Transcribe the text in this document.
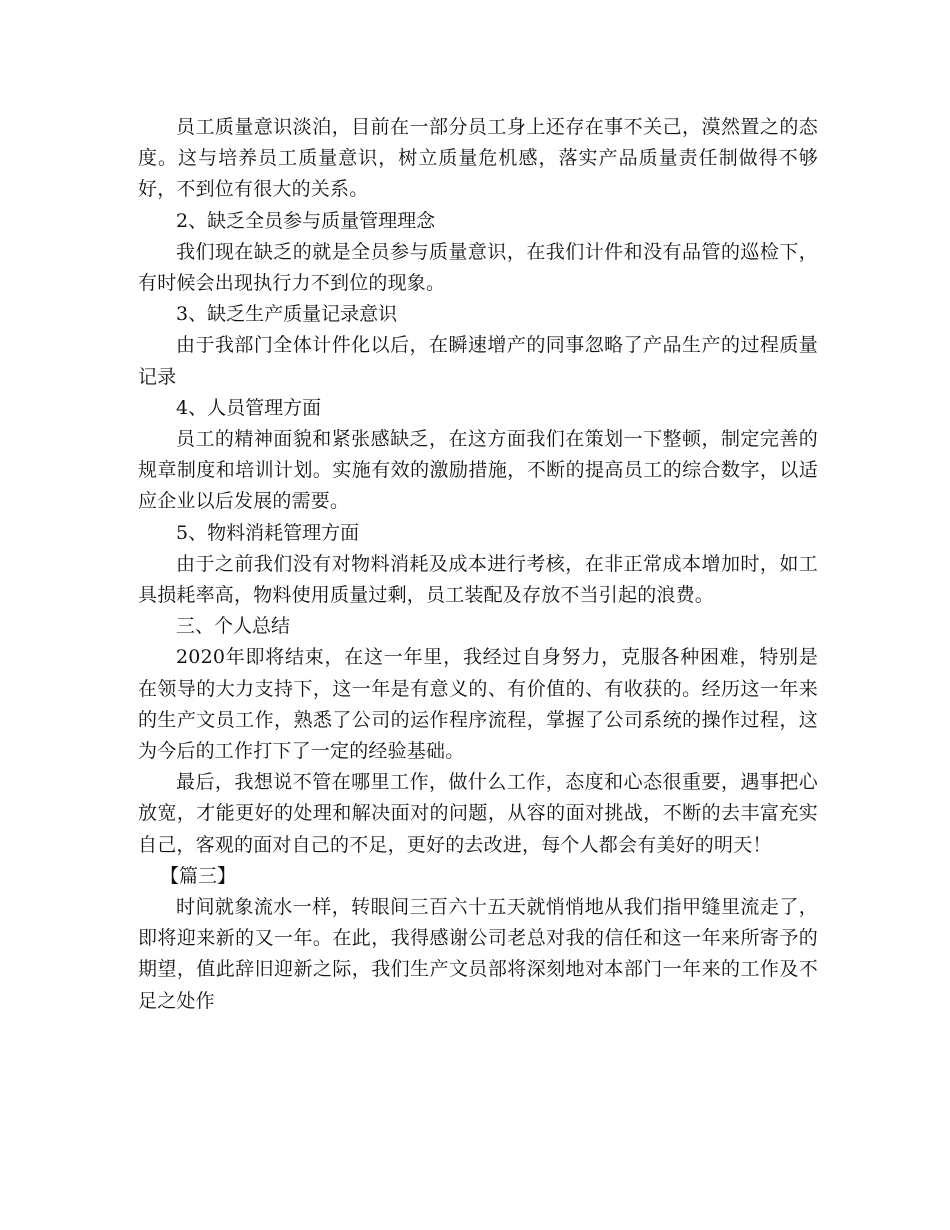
员工质量意识淡泊，目前在一部分员工身上还存在事不关己，漠然置之的态度。这与培养员工质量意识，树立质量危机感，落实产品质量责任制做得不够好，不到位有很大的关系。

2、缺乏全员参与质量管理理念

我们现在缺乏的就是全员参与质量意识，在我们计件和没有品管的巡检下，有时候会出现执行力不到位的现象。

3、缺乏生产质量记录意识

由于我部门全体计件化以后，在瞬速增产的同事忽略了产品生产的过程质量记录

4、人员管理方面

员工的精神面貌和紧张感缺乏，在这方面我们在策划一下整顿，制定完善的规章制度和培训计划。实施有效的激励措施，不断的提高员工的综合数字，以适应企业以后发展的需要。

5、物料消耗管理方面

由于之前我们没有对物料消耗及成本进行考核，在非正常成本增加时，如工具损耗率高，物料使用质量过剩，员工装配及存放不当引起的浪费。

三、个人总结

2020年即将结束，在这一年里，我经过自身努力，克服各种困难，特别是在领导的大力支持下，这一年是有意义的、有价值的、有收获的。经历这一年来的生产文员工作，熟悉了公司的运作程序流程，掌握了公司系统的操作过程，这为今后的工作打下了一定的经验基础。

最后，我想说不管在哪里工作，做什么工作，态度和心态很重要，遇事把心放宽，才能更好的处理和解决面对的问题，从容的面对挑战，不断的去丰富充实自己，客观的面对自己的不足，更好的去改进，每个人都会有美好的明天！

【篇三】

时间就象流水一样，转眼间三百六十五天就悄悄地从我们指甲缝里流走了，即将迎来新的又一年。在此，我得感谢公司老总对我的信任和这一年来所寄予的期望，值此辞旧迎新之际，我们生产文员部将深刻地对本部门一年来的工作及不足之处作
